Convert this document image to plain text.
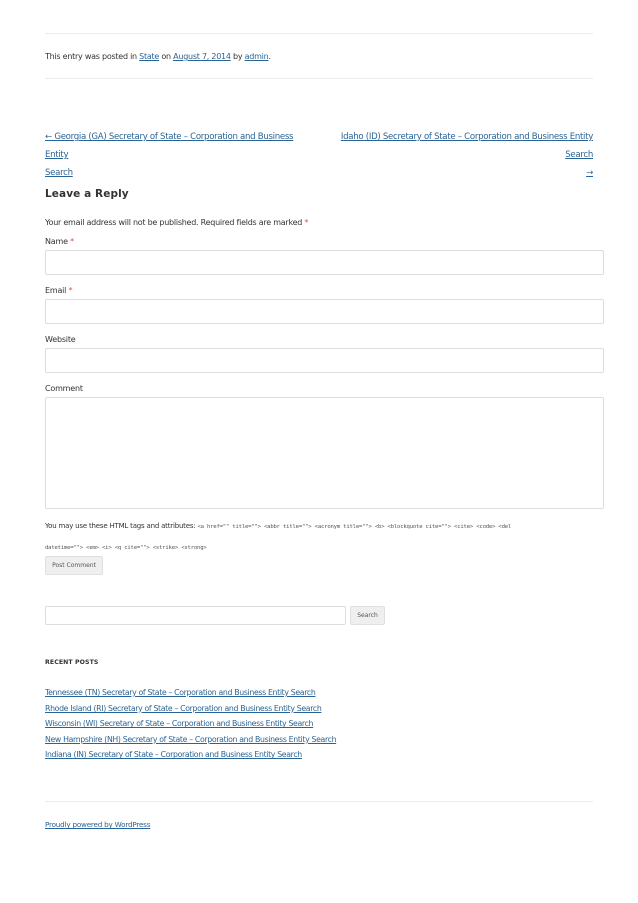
This entry was posted in State on August 7, 2014 by admin.
← Georgia (GA) Secretary of State – Corporation and Business Entity
Search
Idaho (ID) Secretary of State – Corporation and Business Entity Search
→
Leave a Reply
Your email address will not be published. Required fields are marked *
Name *
Email *
Website
Comment
You may use these HTML tags and attributes: <a href="" title=""> <abbr title=""> <acronym title=""> <b> <blockquote cite=""> <cite> <code> <del
datetime=""> <em> <i> <q cite=""> <strike> <strong>
Post Comment
Search
RECENT POSTS
Tennessee (TN) Secretary of State – Corporation and Business Entity Search
Rhode Island (RI) Secretary of State – Corporation and Business Entity Search
Wisconsin (WI) Secretary of State – Corporation and Business Entity Search
New Hampshire (NH) Secretary of State – Corporation and Business Entity Search
Indiana (IN) Secretary of State – Corporation and Business Entity Search
Proudly powered by WordPress
